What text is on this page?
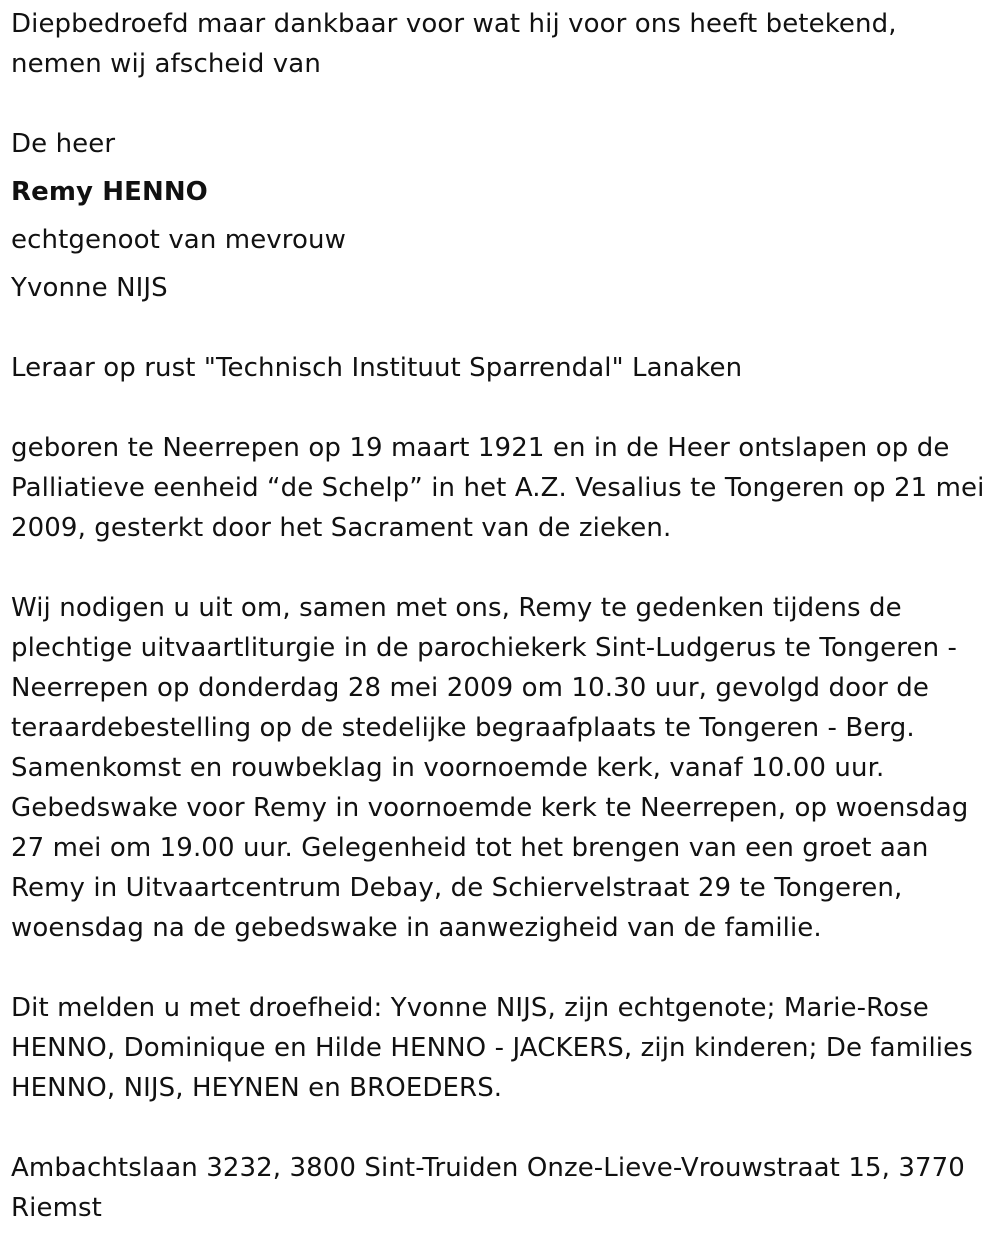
Diepbedroefd maar dankbaar voor wat hij voor ons heeft betekend,
nemen wij afscheid van
De heer
Remy HENNO
echtgenoot van mevrouw
Yvonne NIJS
Leraar op rust "Technisch Instituut Sparrendal" Lanaken
geboren te Neerrepen op 19 maart 1921 en in de Heer ontslapen op de
Palliatieve eenheid “de Schelp” in het A.Z. Vesalius te Tongeren op 21 mei
2009, gesterkt door het Sacrament van de zieken.
Wij nodigen u uit om, samen met ons, Remy te gedenken tijdens de
plechtige uitvaartliturgie in de parochiekerk Sint-Ludgerus te Tongeren -
Neerrepen op donderdag 28 mei 2009 om 10.30 uur, gevolgd door de
teraardebestelling op de stedelijke begraafplaats te Tongeren - Berg.
Samenkomst en rouwbeklag in voornoemde kerk, vanaf 10.00 uur.
Gebedswake voor Remy in voornoemde kerk te Neerrepen, op woensdag
27 mei om 19.00 uur. Gelegenheid tot het brengen van een groet aan
Remy in Uitvaartcentrum Debay, de Schiervelstraat 29 te Tongeren,
woensdag na de gebedswake in aanwezigheid van de familie.
Dit melden u met droefheid: Yvonne NIJS, zijn echtgenote; Marie-Rose
HENNO, Dominique en Hilde HENNO - JACKERS, zijn kinderen; De families
HENNO, NIJS, HEYNEN en BROEDERS.
Ambachtslaan 3232, 3800 Sint-Truiden Onze-Lieve-Vrouwstraat 15, 3770
Riemst
